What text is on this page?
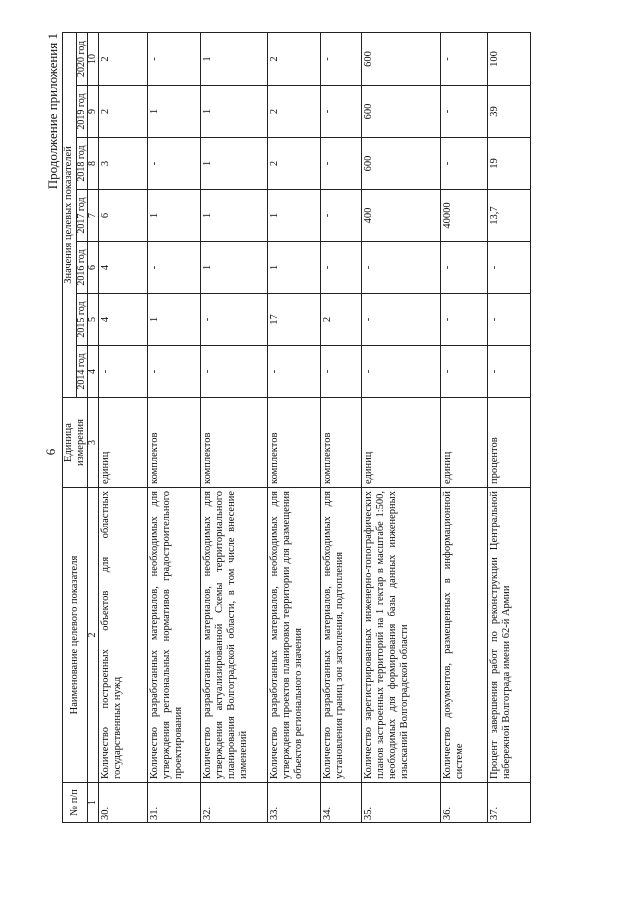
6
Продолжение приложения 1
№ п/п	Наименование целевого показателя	Единица измерения	Значения целевых показателей						
			2014 год	2015 год	2016 год	2017 год	2018 год	2019 год	2020 год
1	2	3	4	5	6	7	8	9	10
30.	Количество построенных объектов для областных государственных нужд	единиц	-	4	4	6	3	2	2
31.	Количество разработанных материалов, необходимых для утверждения региональных нормативов градостроительного проектирования	комплектов	-	1	-	1	-	1	-
32.	Количество разработанных материалов, необходимых для утверждения актуализированной Схемы территориального планирования Волгоградской области, в том числе внесение изменений	комплектов	-	-	1	1	1	1	1
33.	Количество разработанных материалов, необходимых для утверждения проектов планировки территории для размещения объектов регионального значения	комплектов	-	17	1	1	2	2	2
34.	Количество разработанных материалов, необходимых для установления границ зон затопления, подтопления	комплектов	-	2	-	-	-	-	-
35.	Количество зарегистрированных инженерно-топографических планов застроенных территорий на 1 гектар в масштабе 1:500, необходимых для формирования базы данных инженерных изысканий Волгоградской области	единиц	-	-	-	400	600	600	600
36.	Количество документов, размещенных в информационной системе	единиц	-	-	-	40000	-	-	-
37.	Процент завершения работ по реконструкции Центральной набережной Волгограда имени 62-й Армии	процентов	-	-	-	13,7	19	39	100
